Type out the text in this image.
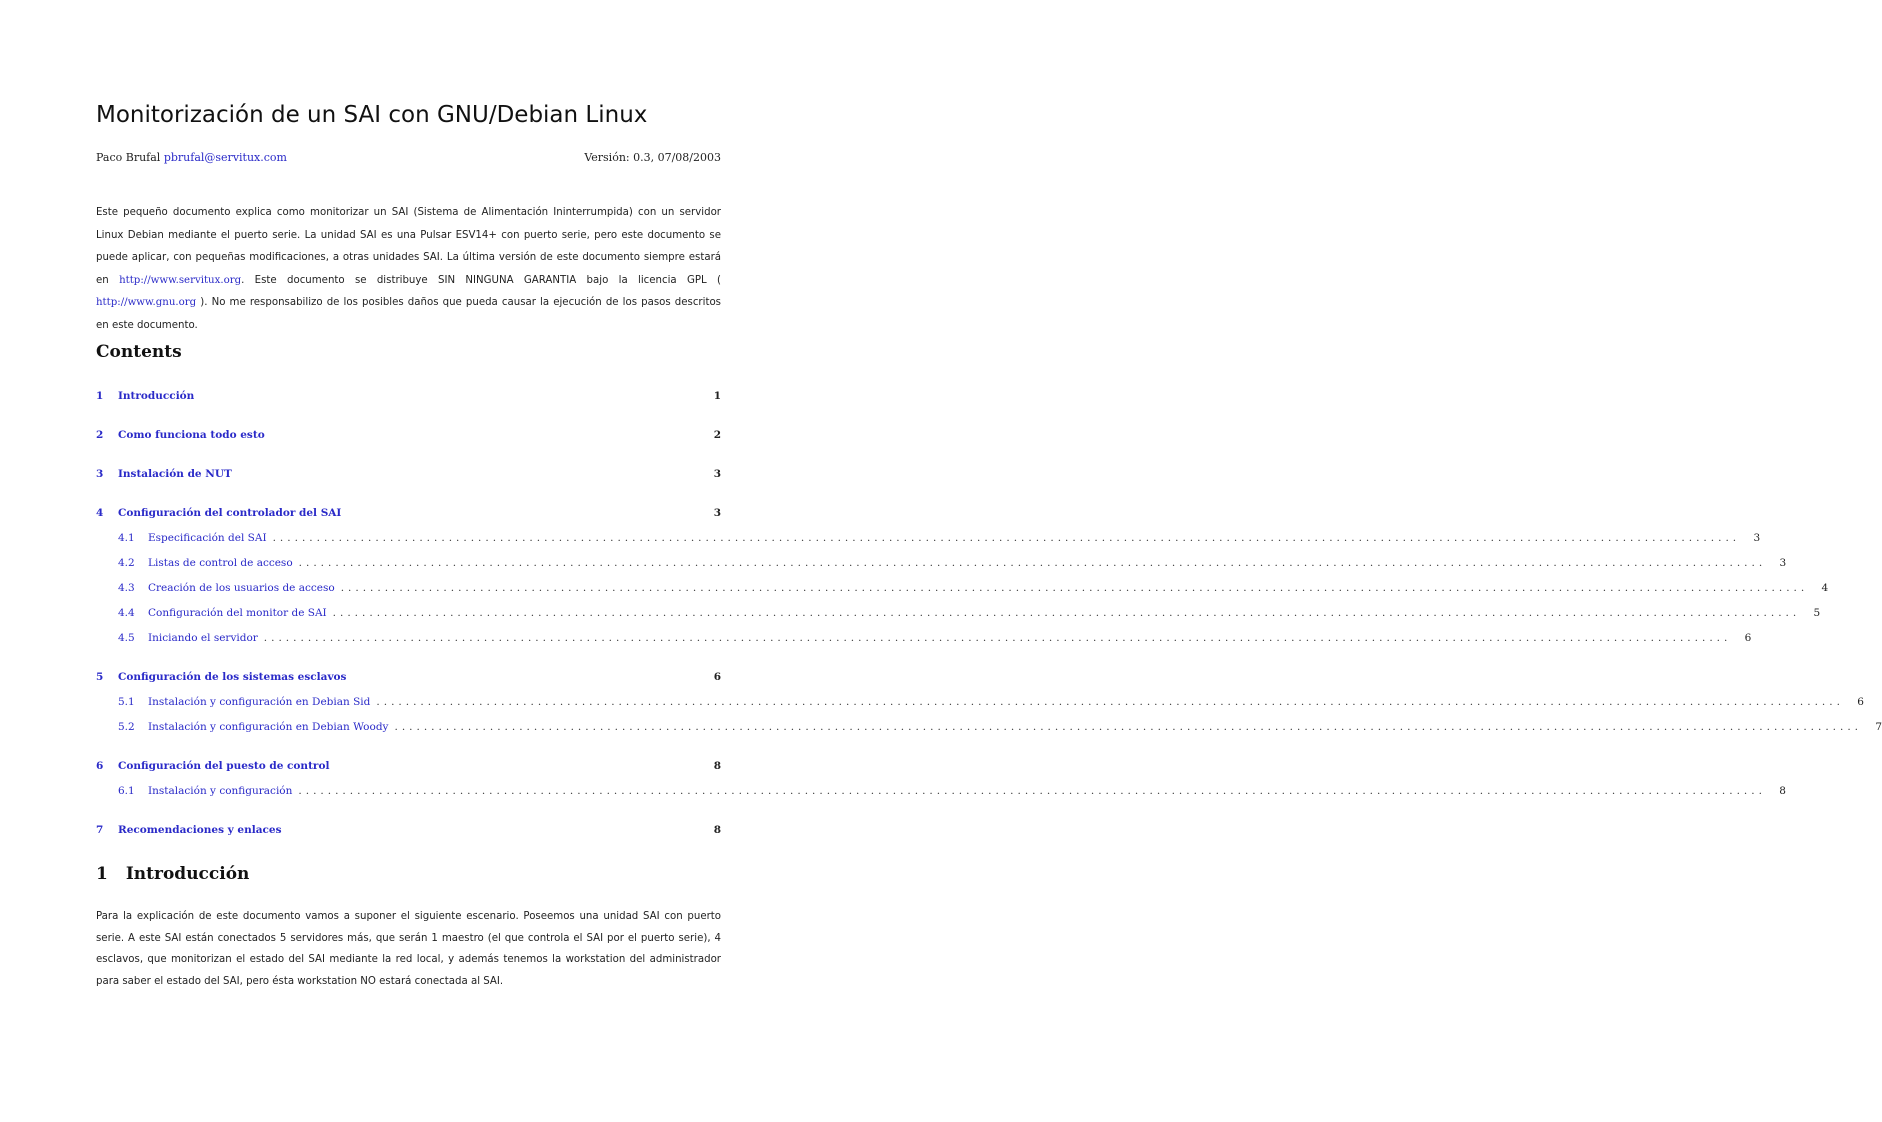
Monitorización de un SAI con GNU/Debian Linux
Paco Brufal pbrufal@servitux.com	Versión: 0.3, 07/08/2003

Este pequeño documento explica como monitorizar un SAI (Sistema de Alimentación Ininterrumpida) con un servidor Linux Debian mediante el puerto serie. La unidad SAI es una Pulsar ESV14+ con puerto serie, pero este documento se puede aplicar, con pequeñas modificaciones, a otras unidades SAI. La última versión de este documento siempre estará en http://www.servitux.org. Este documento se distribuye SIN NINGUNA GARANTIA bajo la licencia GPL ( http://www.gnu.org ). No me responsabilizo de los posibles daños que pueda causar la ejecución de los pasos descritos en este documento.

Contents
1	Introducción	1
2	Como funciona todo esto	2
3	Instalación de NUT	3
4	Configuración del controlador del SAI	3
4.1	Especificación del SAI ........................................................................................................................................................................................................	3
4.2	Listas de control de acceso ........................................................................................................................................................................................................	3
4.3	Creación de los usuarios de acceso ........................................................................................................................................................................................................	4
4.4	Configuración del monitor de SAI ........................................................................................................................................................................................................	5
4.5	Iniciando el servidor ........................................................................................................................................................................................................	6
5	Configuración de los sistemas esclavos	6
5.1	Instalación y configuración en Debian Sid ........................................................................................................................................................................................................	6
5.2	Instalación y configuración en Debian Woody ........................................................................................................................................................................................................	7
6	Configuración del puesto de control	8
6.1	Instalación y configuración ........................................................................................................................................................................................................	8
7	Recomendaciones y enlaces	8
1 Introducción

Para la explicación de este documento vamos a suponer el siguiente escenario. Poseemos una unidad SAI con puerto serie. A este SAI están conectados 5 servidores más, que serán 1 maestro (el que controla el SAI por el puerto serie), 4 esclavos, que monitorizan el estado del SAI mediante la red local, y además tenemos la workstation del administrador para saber el estado del SAI, pero ésta workstation NO estará conectada al SAI.
